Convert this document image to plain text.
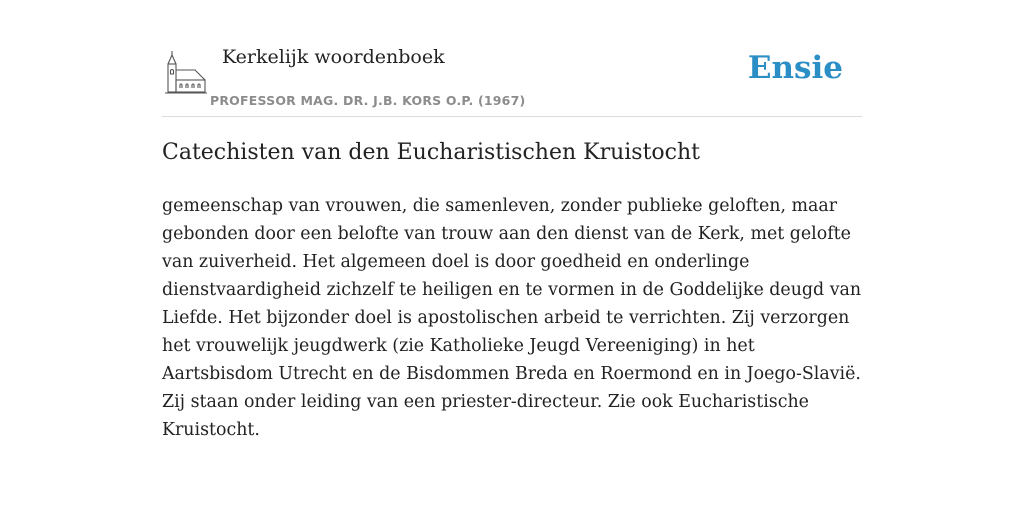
Kerkelijk woordenboek
PROFESSOR MAG. DR. J.B. KORS O.P. (1967)
Ensie
Catechisten van den Eucharistischen Kruistocht

gemeenschap van vrouwen, die samenleven, zonder publieke geloften, maar gebonden door een belofte van trouw aan den dienst van de Kerk, met gelofte van zuiverheid. Het algemeen doel is door goedheid en onderlinge dienstvaardigheid zichzelf te heiligen en te vormen in de Goddelijke deugd van Liefde. Het bijzonder doel is apostolischen arbeid te verrichten. Zij verzorgen het vrouwelijk jeugdwerk (zie Katholieke Jeugd Vereeniging) in het Aartsbisdom Utrecht en de Bisdommen Breda en Roermond en in Joego-Slavië. Zij staan onder leiding van een priester-directeur. Zie ook Eucharistische Kruistocht.
